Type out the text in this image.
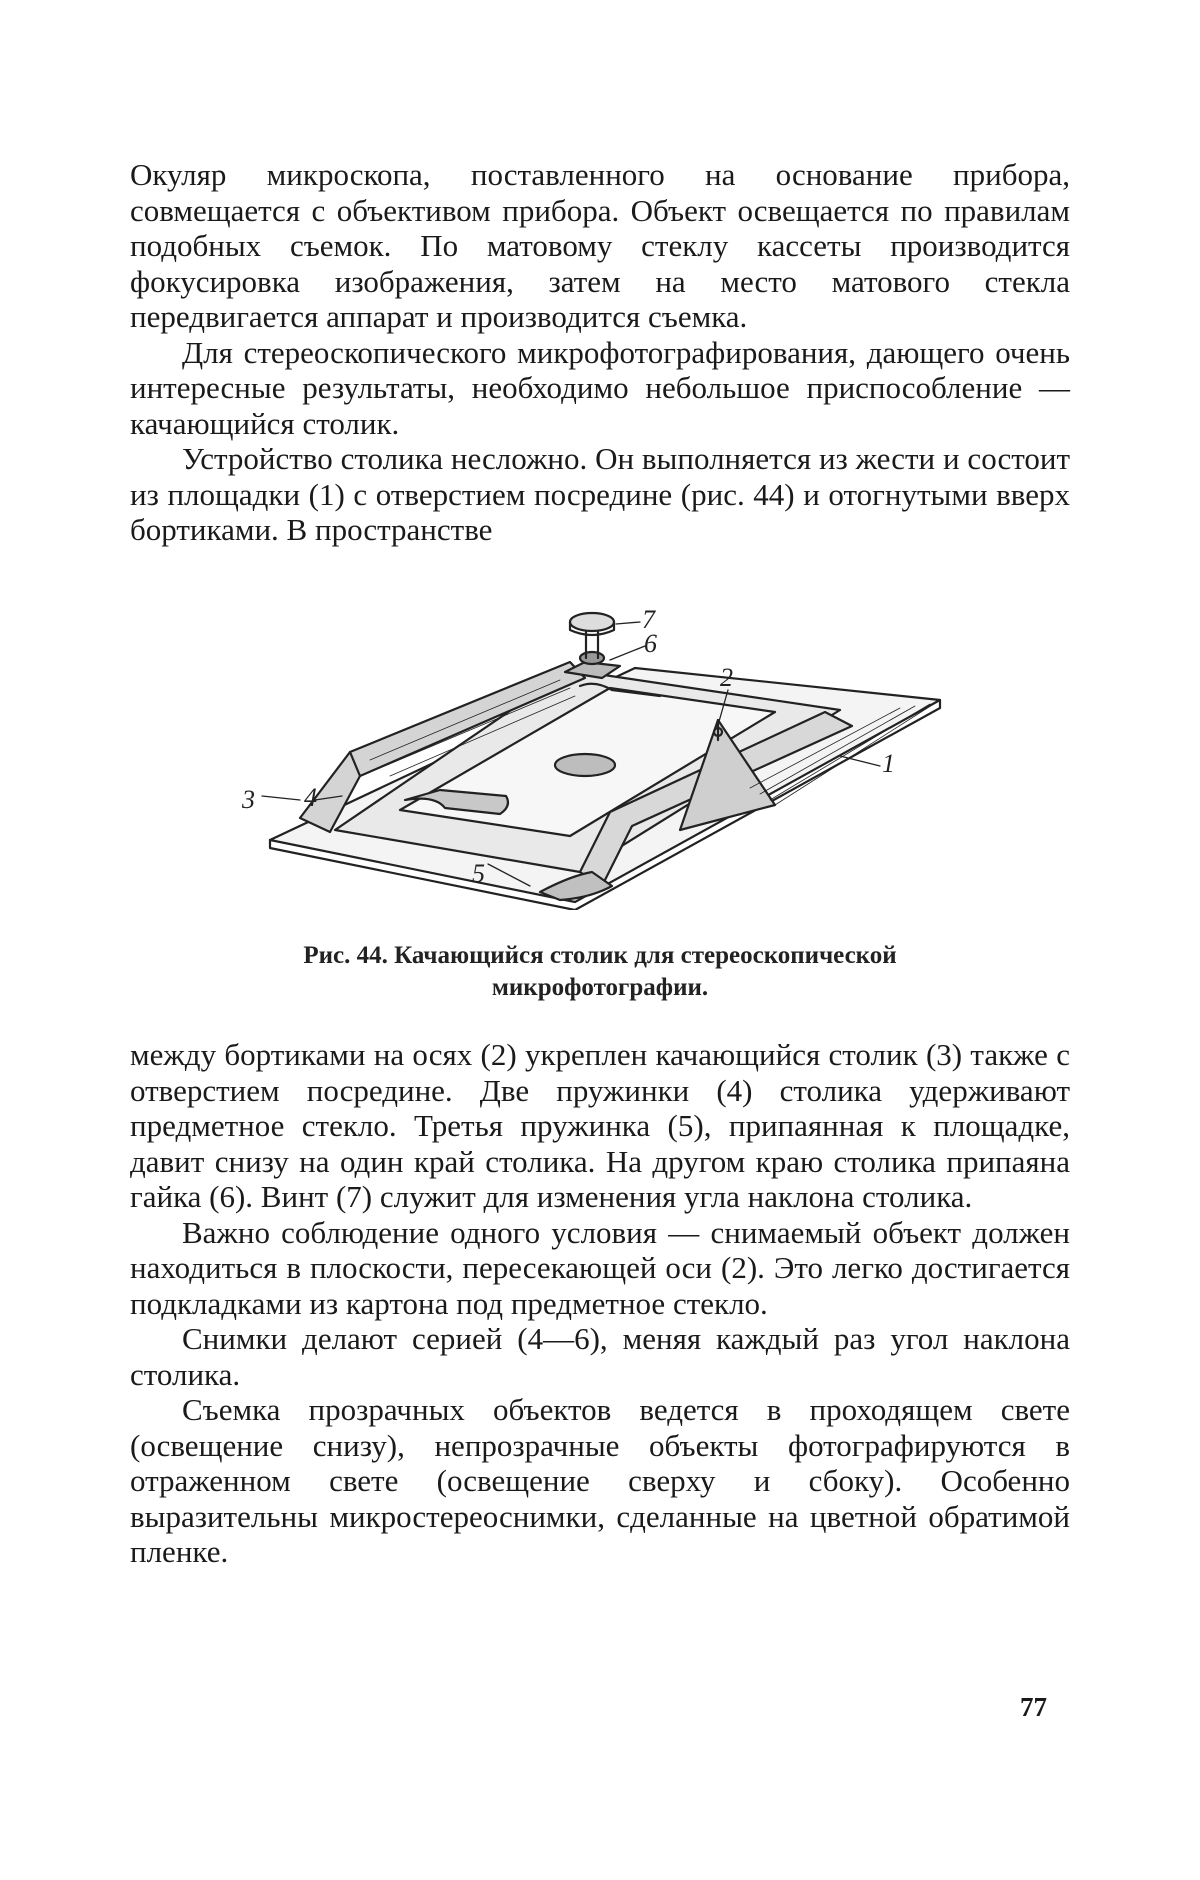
Окуляр микроскопа, поставленного на основание прибора, совмещается с объективом прибора. Объект освещается по правилам подобных съемок. По матовому стеклу кассеты производится фокусировка изображения, затем на место матового стекла передвигается аппарат и производится съемка.

Для стереоскопического микрофотографирования, дающего очень интересные результаты, необходимо небольшое приспособление — качающийся столик.

Устройство столика несложно. Он выполняется из жести и состоит из площадки (1) с отверстием посредине (рис. 44) и отогнутыми вверх бортиками. В пространстве

1
2
3 4
5
6
7
Рис. 44. Качающийся столик для стереоскопической
микрофотографии.

между бортиками на осях (2) укреплен качающийся столик (3) также с отверстием посредине. Две пружинки (4) столика удерживают предметное стекло. Третья пружинка (5), припаянная к площадке, давит снизу на один край столика. На другом краю столика припаяна гайка (6). Винт (7) служит для изменения угла наклона столика.

Важно соблюдение одного условия — снимаемый объект должен находиться в плоскости, пересекающей оси (2). Это легко достигается подкладками из картона под предметное стекло.

Снимки делают серией (4—6), меняя каждый раз угол наклона столика.

Съемка прозрачных объектов ведется в проходящем свете (освещение снизу), непрозрачные объекты фотографируются в отраженном свете (освещение сверху и сбоку). Особенно выразительны микростереоснимки, сделанные на цветной обратимой пленке.

77
